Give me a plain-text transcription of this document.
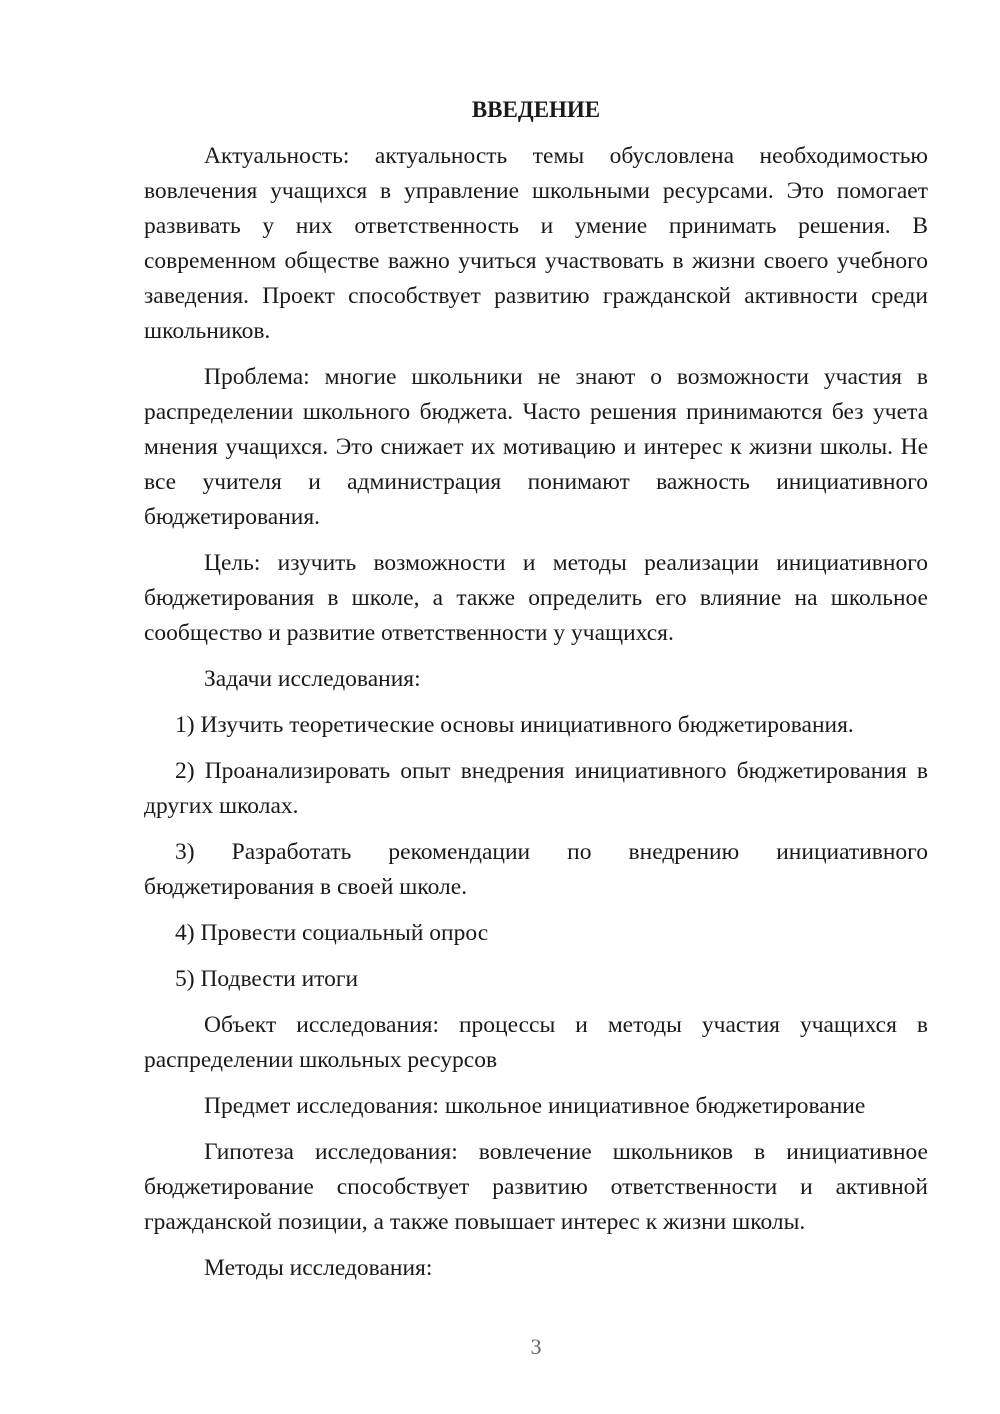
ВВЕДЕНИЕ

Актуальность: актуальность темы обусловлена необходимостью вовлечения учащихся в управление школьными ресурсами. Это помогает развивать у них ответственность и умение принимать решения. В современном обществе важно учиться участвовать в жизни своего учебного заведения. Проект способствует развитию гражданской активности среди школьников.

Проблема: многие школьники не знают о возможности участия в распределении школьного бюджета. Часто решения принимаются без учета мнения учащихся. Это снижает их мотивацию и интерес к жизни школы. Не все учителя и администрация понимают важность инициативного бюджетирования.

Цель: изучить возможности и методы реализации инициативного бюджетирования в школе, а также определить его влияние на школьное сообщество и развитие ответственности у учащихся.

Задачи исследования:

1) Изучить теоретические основы инициативного бюджетирования.

2) Проанализировать опыт внедрения инициативного бюджетирования в других школах.

3) Разработать рекомендации по внедрению инициативного бюджетирования в своей школе.

4) Провести социальный опрос

5) Подвести итоги

Объект исследования: процессы и методы участия учащихся в распределении школьных ресурсов

Предмет исследования: школьное инициативное бюджетирование

Гипотеза исследования: вовлечение школьников в инициативное бюджетирование способствует развитию ответственности и активной гражданской позиции, а также повышает интерес к жизни школы.

Методы исследования:

3
